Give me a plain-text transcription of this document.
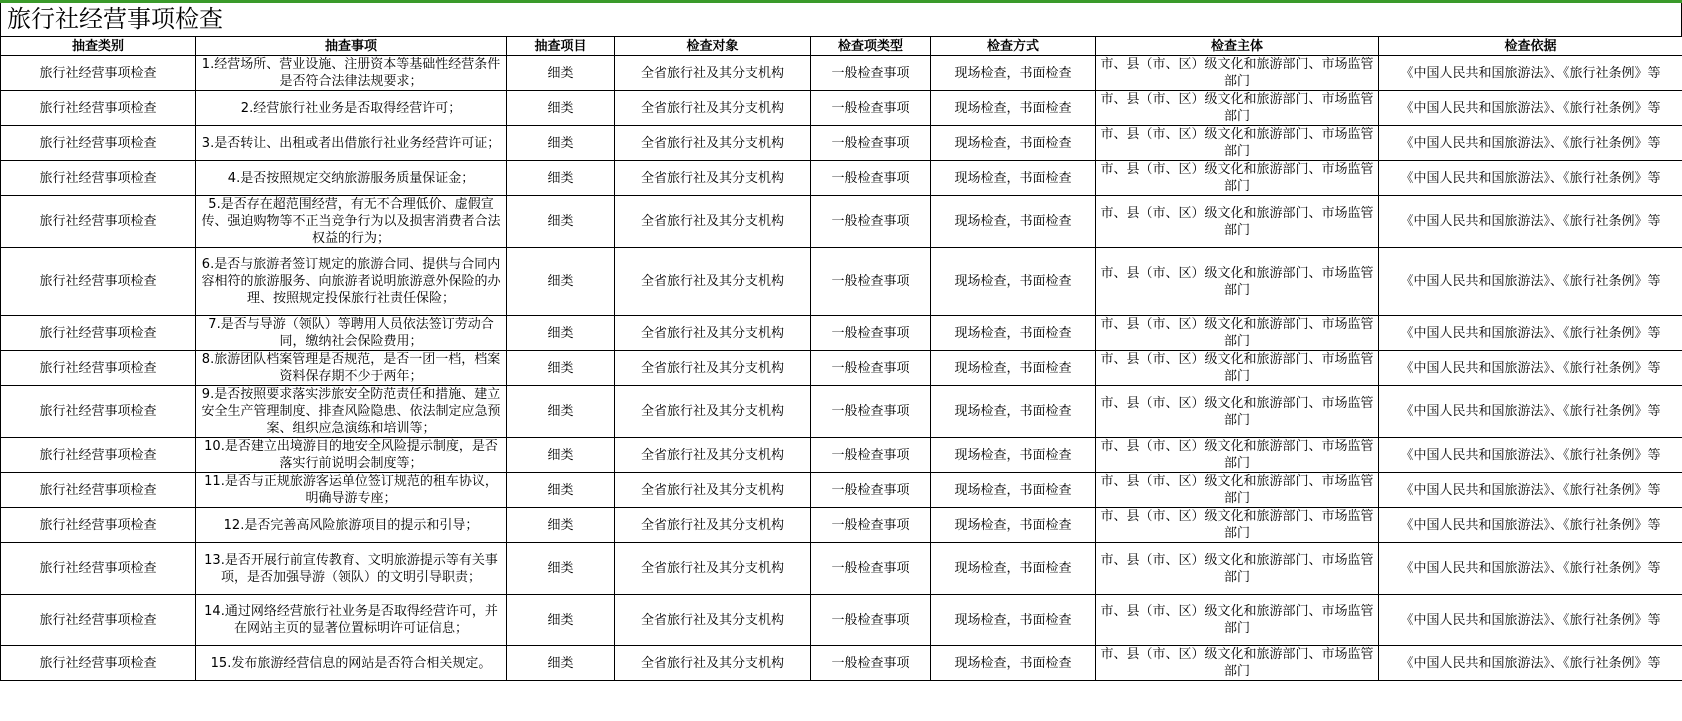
旅行社经营事项检查
抽查类别	抽查事项	抽查项目	检查对象	检查项类型	检查方式	检查主体	检查依据
旅行社经营事项检查	1.经营场所、营业设施、注册资本等基础性经营条件是否符合法律法规要求；	细类	全省旅行社及其分支机构	一般检查事项	现场检查，书面检查	市、县（市、区）级文化和旅游部门、市场监管部门	《中国人民共和国旅游法》、《旅行社条例》等
旅行社经营事项检查	2.经营旅行社业务是否取得经营许可；	细类	全省旅行社及其分支机构	一般检查事项	现场检查，书面检查	市、县（市、区）级文化和旅游部门、市场监管部门	《中国人民共和国旅游法》、《旅行社条例》等
旅行社经营事项检查	3.是否转让、出租或者出借旅行社业务经营许可证；	细类	全省旅行社及其分支机构	一般检查事项	现场检查，书面检查	市、县（市、区）级文化和旅游部门、市场监管部门	《中国人民共和国旅游法》、《旅行社条例》等
旅行社经营事项检查	4.是否按照规定交纳旅游服务质量保证金；	细类	全省旅行社及其分支机构	一般检查事项	现场检查，书面检查	市、县（市、区）级文化和旅游部门、市场监管部门	《中国人民共和国旅游法》、《旅行社条例》等
旅行社经营事项检查	5.是否存在超范围经营，有无不合理低价、虚假宣传、强迫购物等不正当竞争行为以及损害消费者合法权益的行为；	细类	全省旅行社及其分支机构	一般检查事项	现场检查，书面检查	市、县（市、区）级文化和旅游部门、市场监管部门	《中国人民共和国旅游法》、《旅行社条例》等
旅行社经营事项检查	6.是否与旅游者签订规定的旅游合同、提供与合同内容相符的旅游服务、向旅游者说明旅游意外保险的办理、按照规定投保旅行社责任保险；	细类	全省旅行社及其分支机构	一般检查事项	现场检查，书面检查	市、县（市、区）级文化和旅游部门、市场监管部门	《中国人民共和国旅游法》、《旅行社条例》等
旅行社经营事项检查	7.是否与导游（领队）等聘用人员依法签订劳动合同，缴纳社会保险费用；	细类	全省旅行社及其分支机构	一般检查事项	现场检查，书面检查	市、县（市、区）级文化和旅游部门、市场监管部门	《中国人民共和国旅游法》、《旅行社条例》等
旅行社经营事项检查	8.旅游团队档案管理是否规范，是否一团一档，档案资料保存期不少于两年；	细类	全省旅行社及其分支机构	一般检查事项	现场检查，书面检查	市、县（市、区）级文化和旅游部门、市场监管部门	《中国人民共和国旅游法》、《旅行社条例》等
旅行社经营事项检查	9.是否按照要求落实涉旅安全防范责任和措施、建立安全生产管理制度、排查风险隐患、依法制定应急预案、组织应急演练和培训等；	细类	全省旅行社及其分支机构	一般检查事项	现场检查，书面检查	市、县（市、区）级文化和旅游部门、市场监管部门	《中国人民共和国旅游法》、《旅行社条例》等
旅行社经营事项检查	10.是否建立出境游目的地安全风险提示制度，是否落实行前说明会制度等；	细类	全省旅行社及其分支机构	一般检查事项	现场检查，书面检查	市、县（市、区）级文化和旅游部门、市场监管部门	《中国人民共和国旅游法》、《旅行社条例》等
旅行社经营事项检查	11.是否与正规旅游客运单位签订规范的租车协议，明确导游专座；	细类	全省旅行社及其分支机构	一般检查事项	现场检查，书面检查	市、县（市、区）级文化和旅游部门、市场监管部门	《中国人民共和国旅游法》、《旅行社条例》等
旅行社经营事项检查	12.是否完善高风险旅游项目的提示和引导；	细类	全省旅行社及其分支机构	一般检查事项	现场检查，书面检查	市、县（市、区）级文化和旅游部门、市场监管部门	《中国人民共和国旅游法》、《旅行社条例》等
旅行社经营事项检查	13.是否开展行前宣传教育、文明旅游提示等有关事项，是否加强导游（领队）的文明引导职责；	细类	全省旅行社及其分支机构	一般检查事项	现场检查，书面检查	市、县（市、区）级文化和旅游部门、市场监管部门	《中国人民共和国旅游法》、《旅行社条例》等
旅行社经营事项检查	14.通过网络经营旅行社业务是否取得经营许可，并在网站主页的显著位置标明许可证信息；	细类	全省旅行社及其分支机构	一般检查事项	现场检查，书面检查	市、县（市、区）级文化和旅游部门、市场监管部门	《中国人民共和国旅游法》、《旅行社条例》等
旅行社经营事项检查	15.发布旅游经营信息的网站是否符合相关规定。	细类	全省旅行社及其分支机构	一般检查事项	现场检查，书面检查	市、县（市、区）级文化和旅游部门、市场监管部门	《中国人民共和国旅游法》、《旅行社条例》等
